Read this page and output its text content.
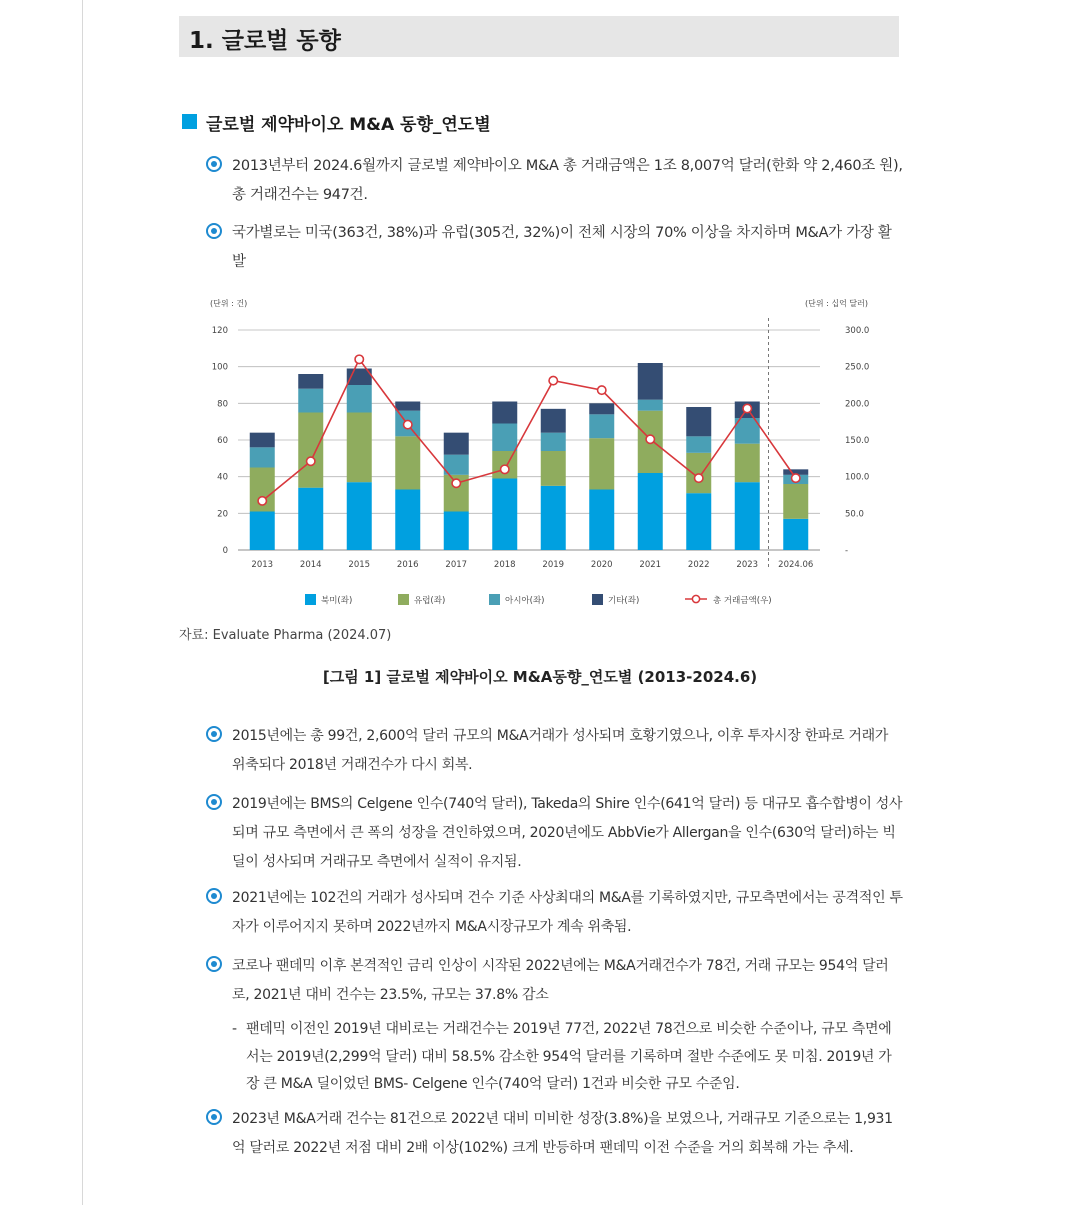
1. 글로벌 동향
글로벌 제약바이오 M&A 동향_연도별
2013년부터 2024.6월까지 글로벌 제약바이오 M&A 총 거래금액은 1조 8,007억 달러(한화 약 2,460조 원), 총 거래건수는 947건.
국가별로는 미국(363건, 38%)과 유럽(305건, 32%)이 전체 시장의 70% 이상을 차지하며 M&A가 가장 활발
(단위 : 건)	(단위 : 십억 달러)
0	-
20	50.0
40	100.0
60	150.0
80	200.0
100	250.0
120	300.0
2013	2014	2015	2016	2017	2018	2019	2020	2021	2022	2023 2024.06
북미(좌)	유럽(좌)	아시아(좌)	기타(좌)	총 거래금액(우)
자료: Evaluate Pharma (2024.07)
[그림 1] 글로벌 제약바이오 M&A동향_연도별 (2013-2024.6)
2015년에는 총 99건, 2,600억 달러 규모의 M&A거래가 성사되며 호황기였으나, 이후 투자시장 한파로 거래가 위축되다 2018년 거래건수가 다시 회복.
2019년에는 BMS의 Celgene 인수(740억 달러), Takeda의 Shire 인수(641억 달러) 등 대규모 흡수합병이 성사되며 규모 측면에서 큰 폭의 성장을 견인하였으며, 2020년에도 AbbVie가 Allergan을 인수(630억 달러)하는 빅딜이 성사되며 거래규모 측면에서 실적이 유지됨.
2021년에는 102건의 거래가 성사되며 건수 기준 사상최대의 M&A를 기록하였지만, 규모측면에서는 공격적인 투자가 이루어지지 못하며 2022년까지 M&A시장규모가 계속 위축됨.
코로나 팬데믹 이후 본격적인 금리 인상이 시작된 2022년에는 M&A거래건수가 78건, 거래 규모는 954억 달러로, 2021년 대비 건수는 23.5%, 규모는 37.8% 감소
- 팬데믹 이전인 2019년 대비로는 거래건수는 2019년 77건, 2022년 78건으로 비슷한 수준이나, 규모 측면에서는 2019년(2,299억 달러) 대비 58.5% 감소한 954억 달러를 기록하며 절반 수준에도 못 미침. 2019년 가장 큰 M&A 딜이었던 BMS- Celgene 인수(740억 달러) 1건과 비슷한 규모 수준임.
2023년 M&A거래 건수는 81건으로 2022년 대비 미비한 성장(3.8%)을 보였으나, 거래규모 기준으로는 1,931억 달러로 2022년 저점 대비 2배 이상(102%) 크게 반등하며 팬데믹 이전 수준을 거의 회복해 가는 추세.
